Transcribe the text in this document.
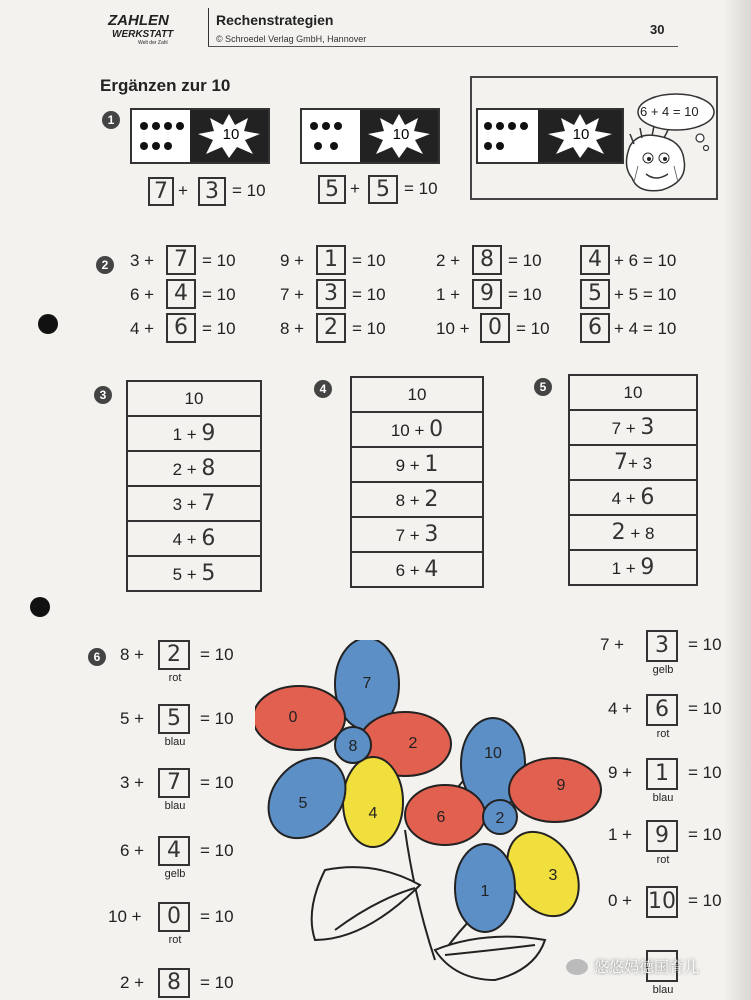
ZAHLEN
WERKSTATT
Welt der Zahl
Rechenstrategien
© Schroedel Verlag GmbH, Hannover
30
Ergänzen zur 10
1
10	10	10
6 + 4 = 10
7 + 3 = 10	5 + 5 = 10
2	3 + 7 = 10	9 + 1 = 10	2 + 8 = 10 4 + 6 = 10
6 + 4 = 10	7 + 3 = 10	1 + 9 = 10 5 + 5 = 10
4 + 6 = 10	8 + 2 = 10	10 + 0 = 10 6 + 4 = 10
3	10
1 + 9
2 + 8
3 + 7
4 + 6
5 + 5
4	10
10 + 0
9 + 1
8 + 2
7 + 3
6 + 4
5	10
7 + 3
7+ 3
4 + 6
2 + 8
1 + 9
6	8 + 2 = 10
rot
5 + 5 = 10
blau
3 + 7 = 10
blau
6 + 4 = 10
gelb
10 + 0 = 10
rot
2 + 8 = 10
7 + 3 = 10
gelb
4 + 6 = 10
rot
9 + 1 = 10
blau
1 + 9 = 10
rot
0 + 10 = 10
blau
7
2
4
5
0
8	10
9
3
1
6	2
悠悠妈德国育儿
